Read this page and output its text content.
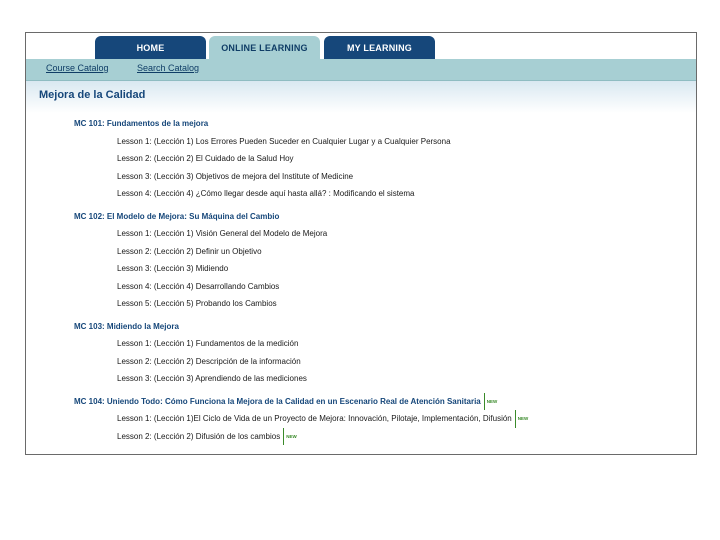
HOME	ONLINE LEARNING	MY LEARNING
Course Catalog	Search Catalog
Mejora de la Calidad
MC 101: Fundamentos de la mejora
Lesson 1: (Lección 1) Los Errores Pueden Suceder en Cualquier Lugar y a Cualquier Persona
Lesson 2: (Lección 2) El Cuidado de la Salud Hoy
Lesson 3: (Lección 3) Objetivos de mejora del Institute of Medicine
Lesson 4: (Lección 4) ¿Cómo llegar desde aquí hasta allá? : Modificando el sistema
MC 102: El Modelo de Mejora: Su Máquina del Cambio
Lesson 1: (Lección 1) Visión General del Modelo de Mejora
Lesson 2: (Lección 2) Definir un Objetivo
Lesson 3: (Lección 3) Midiendo
Lesson 4: (Lección 4) Desarrollando Cambios
Lesson 5: (Lección 5) Probando los Cambios
MC 103: Midiendo la Mejora
Lesson 1: (Lección 1) Fundamentos de la medición
Lesson 2: (Lección 2) Descripción de la información
Lesson 3: (Lección 3) Aprendiendo de las mediciones
MC 104: Uniendo Todo: Cómo Funciona la Mejora de la Calidad en un Escenario Real de Atención Sanitaria NEW
Lesson 1: (Lección 1)El Ciclo de Vida de un Proyecto de Mejora: Innovación, Pilotaje, Implementación, Difusión NEW
Lesson 2: (Lección 2) Difusión de los cambios NEW
